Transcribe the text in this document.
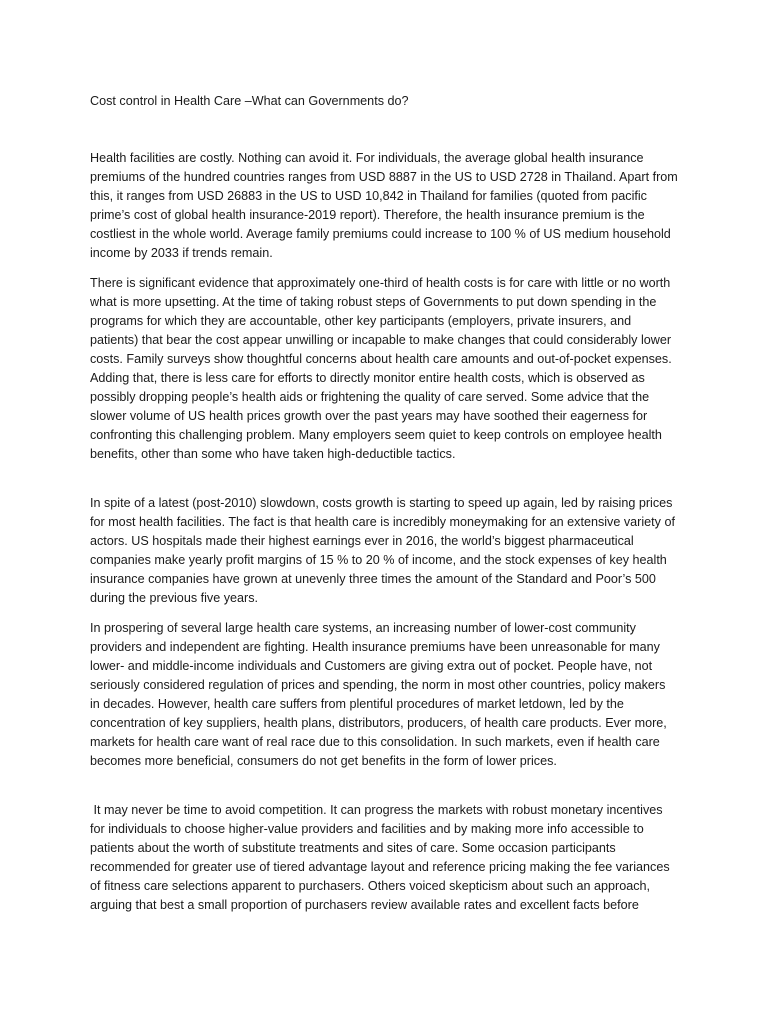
Cost control in Health Care –What can Governments do?

Health facilities are costly. Nothing can avoid it. For individuals, the average global health insurance premiums of the hundred countries ranges from USD 8887 in the US to USD 2728 in Thailand. Apart from this, it ranges from USD 26883 in the US to USD 10,842 in Thailand for families (quoted from pacific prime’s cost of global health insurance-2019 report). Therefore, the health insurance premium is the costliest in the whole world. Average family premiums could increase to 100 % of US medium household income by 2033 if trends remain.

There is significant evidence that approximately one-third of health costs is for care with little or no worth what is more upsetting. At the time of taking robust steps of Governments to put down spending in the programs for which they are accountable, other key participants (employers, private insurers, and patients) that bear the cost appear unwilling or incapable to make changes that could considerably lower costs. Family surveys show thoughtful concerns about health care amounts and out-of-pocket expenses. Adding that, there is less care for efforts to directly monitor entire health costs, which is observed as possibly dropping people’s health aids or frightening the quality of care served. Some advice that the slower volume of US health prices growth over the past years may have soothed their eagerness for confronting this challenging problem. Many employers seem quiet to keep controls on employee health benefits, other than some who have taken high-deductible tactics.

In spite of a latest (post-2010) slowdown, costs growth is starting to speed up again, led by raising prices for most health facilities. The fact is that health care is incredibly moneymaking for an extensive variety of actors. US hospitals made their highest earnings ever in 2016, the world’s biggest pharmaceutical companies make yearly profit margins of 15 % to 20 % of income, and the stock expenses of key health insurance companies have grown at unevenly three times the amount of the Standard and Poor’s 500 during the previous five years.

In prospering of several large health care systems, an increasing number of lower-cost community providers and independent are fighting. Health insurance premiums have been unreasonable for many lower- and middle-income individuals and Customers are giving extra out of pocket. People have, not seriously considered regulation of prices and spending, the norm in most other countries, policy makers in decades. However, health care suffers from plentiful procedures of market letdown, led by the concentration of key suppliers, health plans, distributors, producers, of health care products. Ever more, markets for health care want of real race due to this consolidation. In such markets, even if health care becomes more beneficial, consumers do not get benefits in the form of lower prices.

It may never be time to avoid competition. It can progress the markets with robust monetary incentives for individuals to choose higher-value providers and facilities and by making more info accessible to patients about the worth of substitute treatments and sites of care. Some occasion participants recommended for greater use of tiered advantage layout and reference pricing making the fee variances of fitness care selections apparent to purchasers. Others voiced skepticism about such an approach, arguing that best a small proportion of purchasers review available rates and excellent facts before
